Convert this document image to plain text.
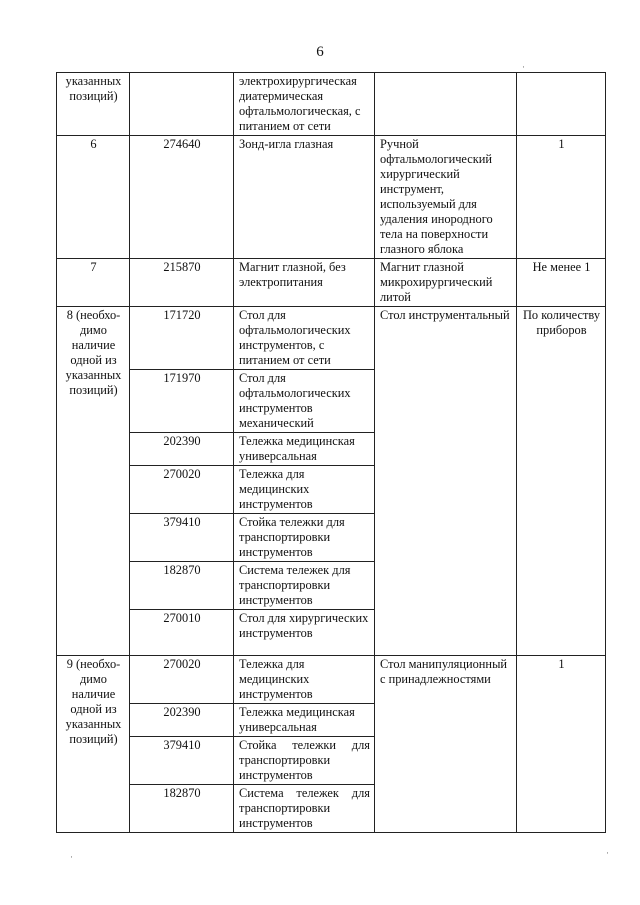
6
указанных позиций)		электрохирургическая диатермическая офтальмологическая, с питанием от сети		
6	274640	Зонд-игла глазная	Ручной офтальмологический хирургический инструмент, используемый для удаления инородного тела на поверхности глазного яблока	1
7	215870	Магнит глазной, без электропитания	Магнит глазной микрохирургический литой	Не менее 1
8 (необхо-димо наличие одной из указанных позиций)	171720	Стол для офтальмологических инструментов, с питанием от сети	Стол инструментальный	По количеству приборов
	171970	Стол для офтальмологических инструментов механический		
	202390	Тележка медицинская универсальная		
	270020	Тележка для медицинских инструментов		
	379410	Стойка тележки для транспортировки инструментов		
	182870	Система тележек для транспортировки инструментов		
	270010	Стол для хирургических инструментов		
9 (необхо-димо наличие одной из указанных позиций)	270020	Тележка для медицинских инструментов	Стол манипуляционный с принадлежностями	1
	202390	Тележка медицинская универсальная		
	379410	Стойка тележки для транспортировки инструментов		
	182870	Система тележек для транспортировки инструментов		
·
·	·
